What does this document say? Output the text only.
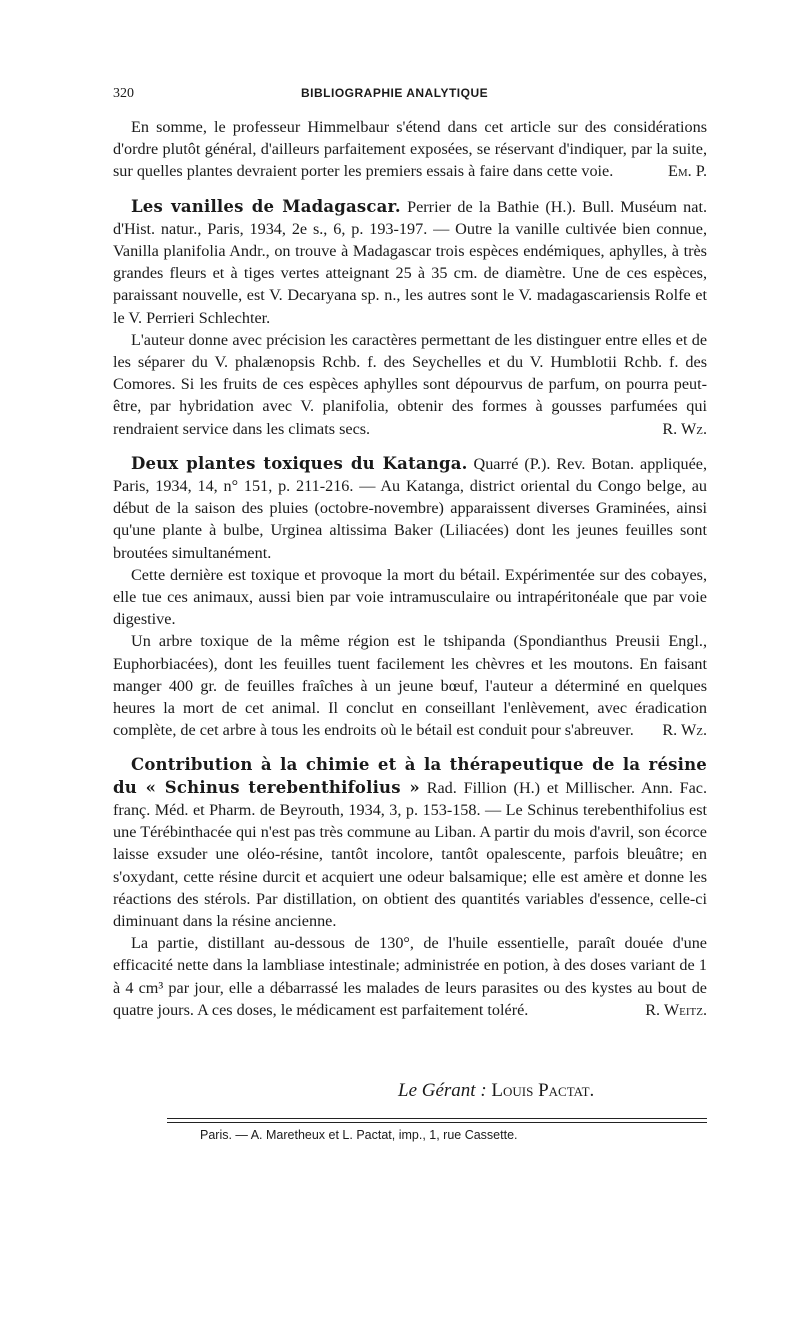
320	BIBLIOGRAPHIE ANALYTIQUE

En somme, le professeur Himmelbaur s'étend dans cet article sur des considérations d'ordre plutôt général, d'ailleurs parfaitement exposées, se réservant d'indiquer, par la suite, sur quelles plantes devraient porter les premiers essais à faire dans cette voie.	Em. P.

Les vanilles de Madagascar. Perrier de la Bathie (H.). Bull. Muséum nat. d'Hist. natur., Paris, 1934, 2e s., 6, p. 193-197. — Outre la vanille cultivée bien connue, Vanilla planifolia Andr., on trouve à Madagascar trois espèces endémiques, aphylles, à très grandes fleurs et à tiges vertes atteignant 25 à 35 cm. de diamètre. Une de ces espèces, paraissant nouvelle, est V. Decaryana sp. n., les autres sont le V. madagascariensis Rolfe et le V. Perrieri Schlechter.

L'auteur donne avec précision les caractères permettant de les distinguer entre elles et de les séparer du V. phalænopsis Rchb. f. des Seychelles et du V. Humblotii Rchb. f. des Comores. Si les fruits de ces espèces aphylles sont dépourvus de parfum, on pourra peut-être, par hybridation avec V. planifolia, obtenir des formes à gousses parfumées qui rendraient service dans les climats secs.	R. Wz.

Deux plantes toxiques du Katanga. Quarré (P.). Rev. Botan. appliquée, Paris, 1934, 14, n° 151, p. 211-216. — Au Katanga, district oriental du Congo belge, au début de la saison des pluies (octobre-novembre) apparaissent diverses Graminées, ainsi qu'une plante à bulbe, Urginea altissima Baker (Liliacées) dont les jeunes feuilles sont broutées simultanément.

Cette dernière est toxique et provoque la mort du bétail. Expérimentée sur des cobayes, elle tue ces animaux, aussi bien par voie intramusculaire ou intrapéritonéale que par voie digestive.

Un arbre toxique de la même région est le tshipanda (Spondianthus Preusii Engl., Euphorbiacées), dont les feuilles tuent facilement les chèvres et les moutons. En faisant manger 400 gr. de feuilles fraîches à un jeune bœuf, l'auteur a déterminé en quelques heures la mort de cet animal. Il conclut en conseillant l'enlèvement, avec éradication complète, de cet arbre à tous les endroits où le bétail est conduit pour s'abreuver.	R. Wz.

Contribution à la chimie et à la thérapeutique de la résine du « Schinus terebenthifolius » Rad. Fillion (H.) et Millischer. Ann. Fac. franç. Méd. et Pharm. de Beyrouth, 1934, 3, p. 153-158. — Le Schinus terebenthifolius est une Térébinthacée qui n'est pas très commune au Liban. A partir du mois d'avril, son écorce laisse exsuder une oléo-résine, tantôt incolore, tantôt opalescente, parfois bleuâtre; en s'oxydant, cette résine durcit et acquiert une odeur balsamique; elle est amère et donne les réactions des stérols. Par distillation, on obtient des quantités variables d'essence, celle-ci diminuant dans la résine ancienne.

La partie, distillant au-dessous de 130°, de l'huile essentielle, paraît douée d'une efficacité nette dans la lambliase intestinale; administrée en potion, à des doses variant de 1 à 4 cm³ par jour, elle a débarrassé les malades de leurs parasites ou des kystes au bout de quatre jours. A ces doses, le médicament est parfaitement toléré.	R. Weitz.

Le Gérant : Louis Pactat.
Paris. — A. Maretheux et L. Pactat, imp., 1, rue Cassette.
